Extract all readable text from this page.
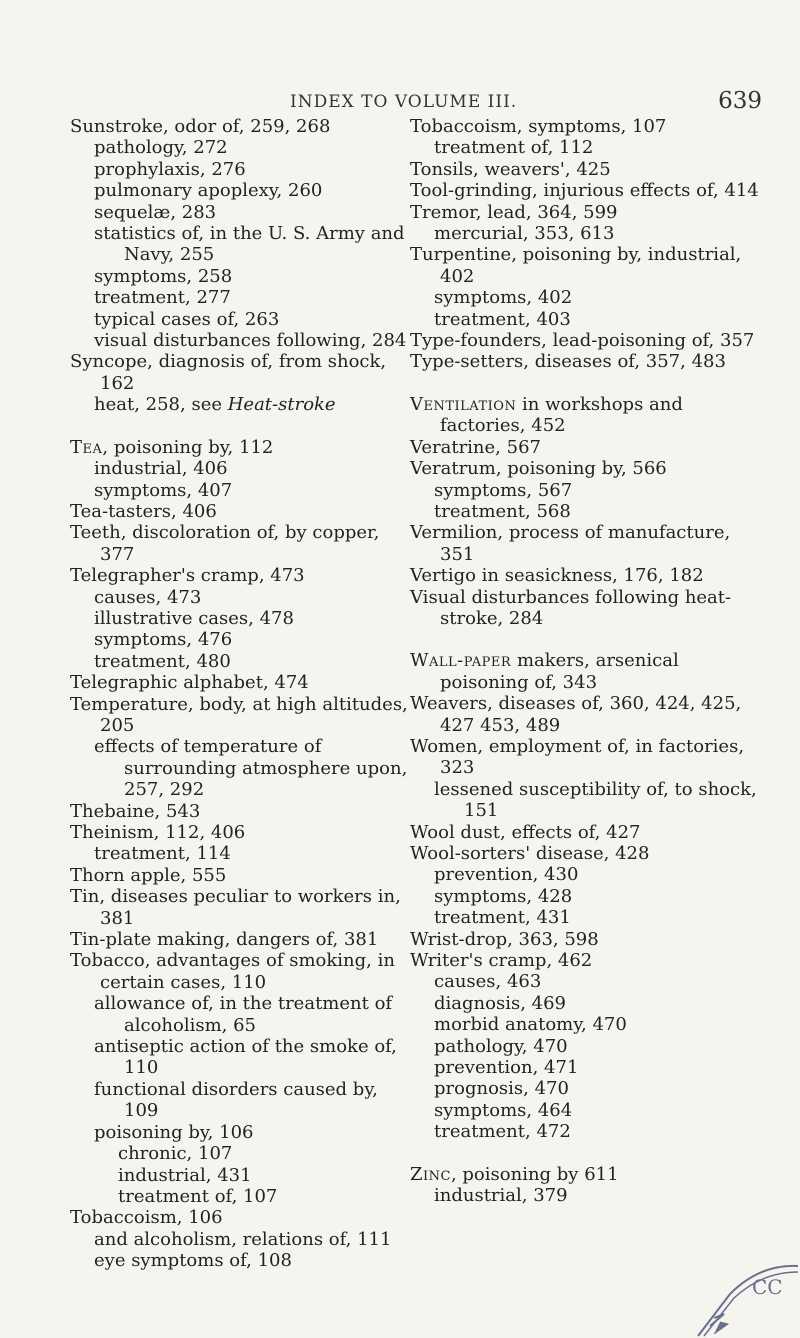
INDEX TO VOLUME III.	639

Sunstroke, odor of, 259, 268

pathology, 272

prophylaxis, 276

pulmonary apoplexy, 260

sequelæ, 283

statistics of, in the U. S. Army and Navy, 255

symptoms, 258

treatment, 277

typical cases of, 263

visual disturbances following, 284

Syncope, diagnosis of, from shock, 162

heat, 258, see Heat-stroke

Tea, poisoning by, 112

industrial, 406

symptoms, 407

Tea-tasters, 406

Teeth, discoloration of, by copper, 377

Telegrapher's cramp, 473

causes, 473

illustrative cases, 478

symptoms, 476

treatment, 480

Telegraphic alphabet, 474

Temperature, body, at high altitudes, 205

effects of temperature of surrounding atmosphere upon, 257, 292

Thebaine, 543

Theinism, 112, 406

treatment, 114

Thorn apple, 555

Tin, diseases peculiar to workers in, 381

Tin-plate making, dangers of, 381

Tobacco, advantages of smoking, in certain cases, 110

allowance of, in the treatment of alcoholism, 65

antiseptic action of the smoke of, 110

functional disorders caused by, 109

poisoning by, 106

chronic, 107

industrial, 431

treatment of, 107

Tobaccoism, 106

and alcoholism, relations of, 111

eye symptoms of, 108

Tobaccoism, symptoms, 107

treatment of, 112

Tonsils, weavers', 425

Tool-grinding, injurious effects of, 414

Tremor, lead, 364, 599

mercurial, 353, 613

Turpentine, poisoning by, industrial, 402

symptoms, 402

treatment, 403

Type-founders, lead-poisoning of, 357

Type-setters, diseases of, 357, 483

Ventilation in workshops and factories, 452

Veratrine, 567

Veratrum, poisoning by, 566

symptoms, 567

treatment, 568

Vermilion, process of manufacture, 351

Vertigo in seasickness, 176, 182

Visual disturbances following heat-stroke, 284

Wall-paper makers, arsenical poisoning of, 343

Weavers, diseases of, 360, 424, 425, 427 453, 489

Women, employment of, in factories, 323

lessened susceptibility of, to shock, 151

Wool dust, effects of, 427

Wool-sorters' disease, 428

prevention, 430

symptoms, 428

treatment, 431

Wrist-drop, 363, 598

Writer's cramp, 462

causes, 463

diagnosis, 469

morbid anatomy, 470

pathology, 470

prevention, 471

prognosis, 470

symptoms, 464

treatment, 472

Zinc, poisoning by 611

industrial, 379

CC
